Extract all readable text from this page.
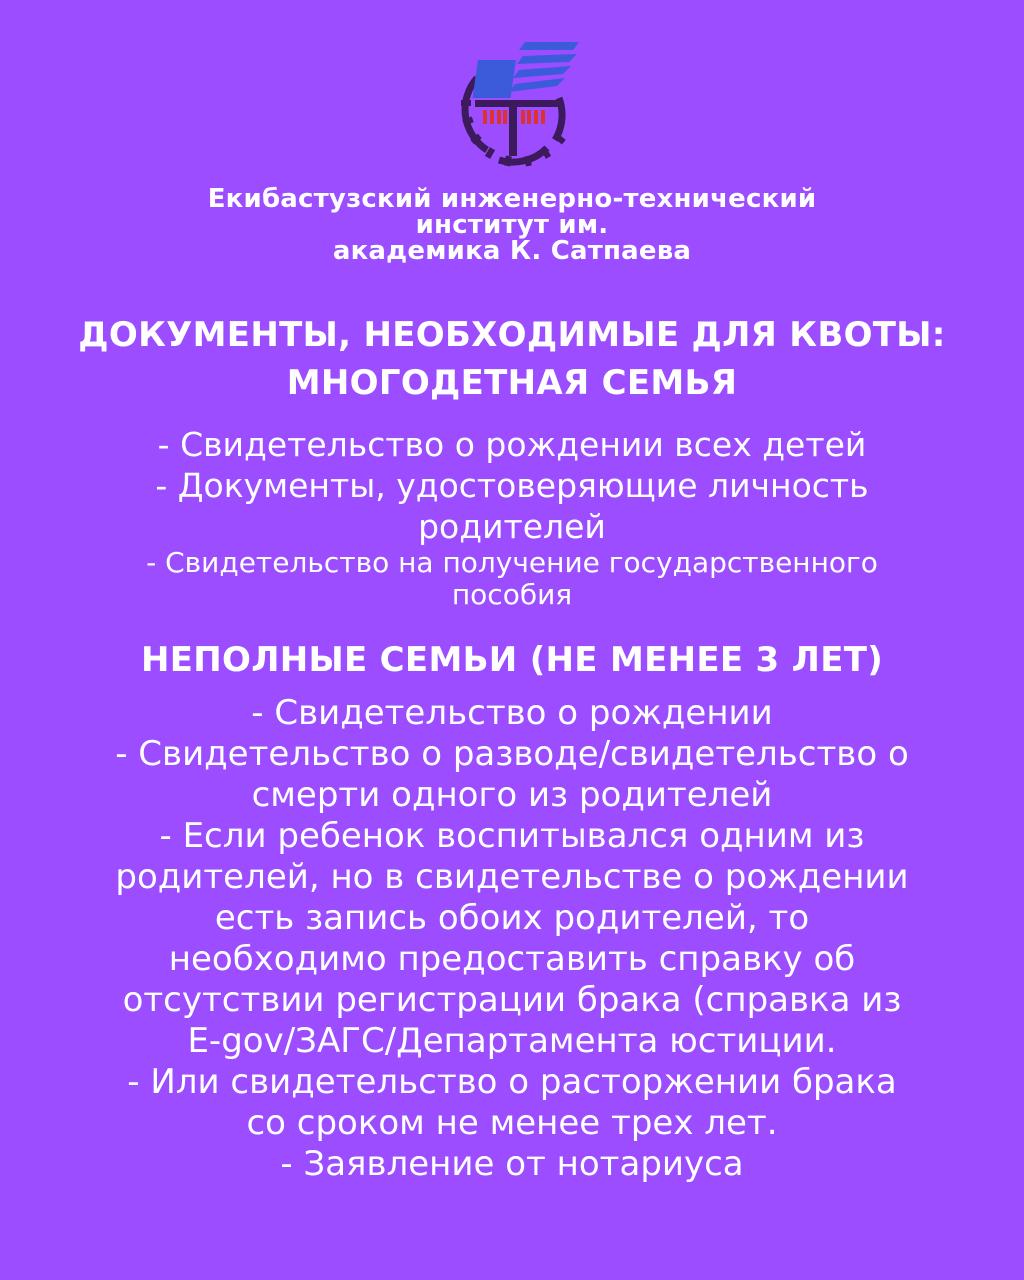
Екибастузский инженерно-технический
институт им.
академика К. Сатпаева
ДОКУМЕНТЫ, НЕОБХОДИМЫЕ ДЛЯ КВОТЫ:
МНОГОДЕТНАЯ СЕМЬЯ
- Свидетельство о рождении всех детей
- Документы, удостоверяющие личность
родителей
- Свидетельство на получение государственного
пособия
НЕПОЛНЫЕ СЕМЬИ (НЕ МЕНЕЕ 3 ЛЕТ)
- Свидетельство о рождении
- Свидетельство о разводе/свидетельство о
смерти одного из родителей
- Если ребенок воспитывался одним из
родителей, но в свидетельстве о рождении
есть запись обоих родителей, то
необходимо предоставить справку об
отсутствии регистрации брака (справка из
E-gov/ЗАГС/Департамента юстиции.
- Или свидетельство о расторжении брака
со сроком не менее трех лет.
- Заявление от нотариуса
